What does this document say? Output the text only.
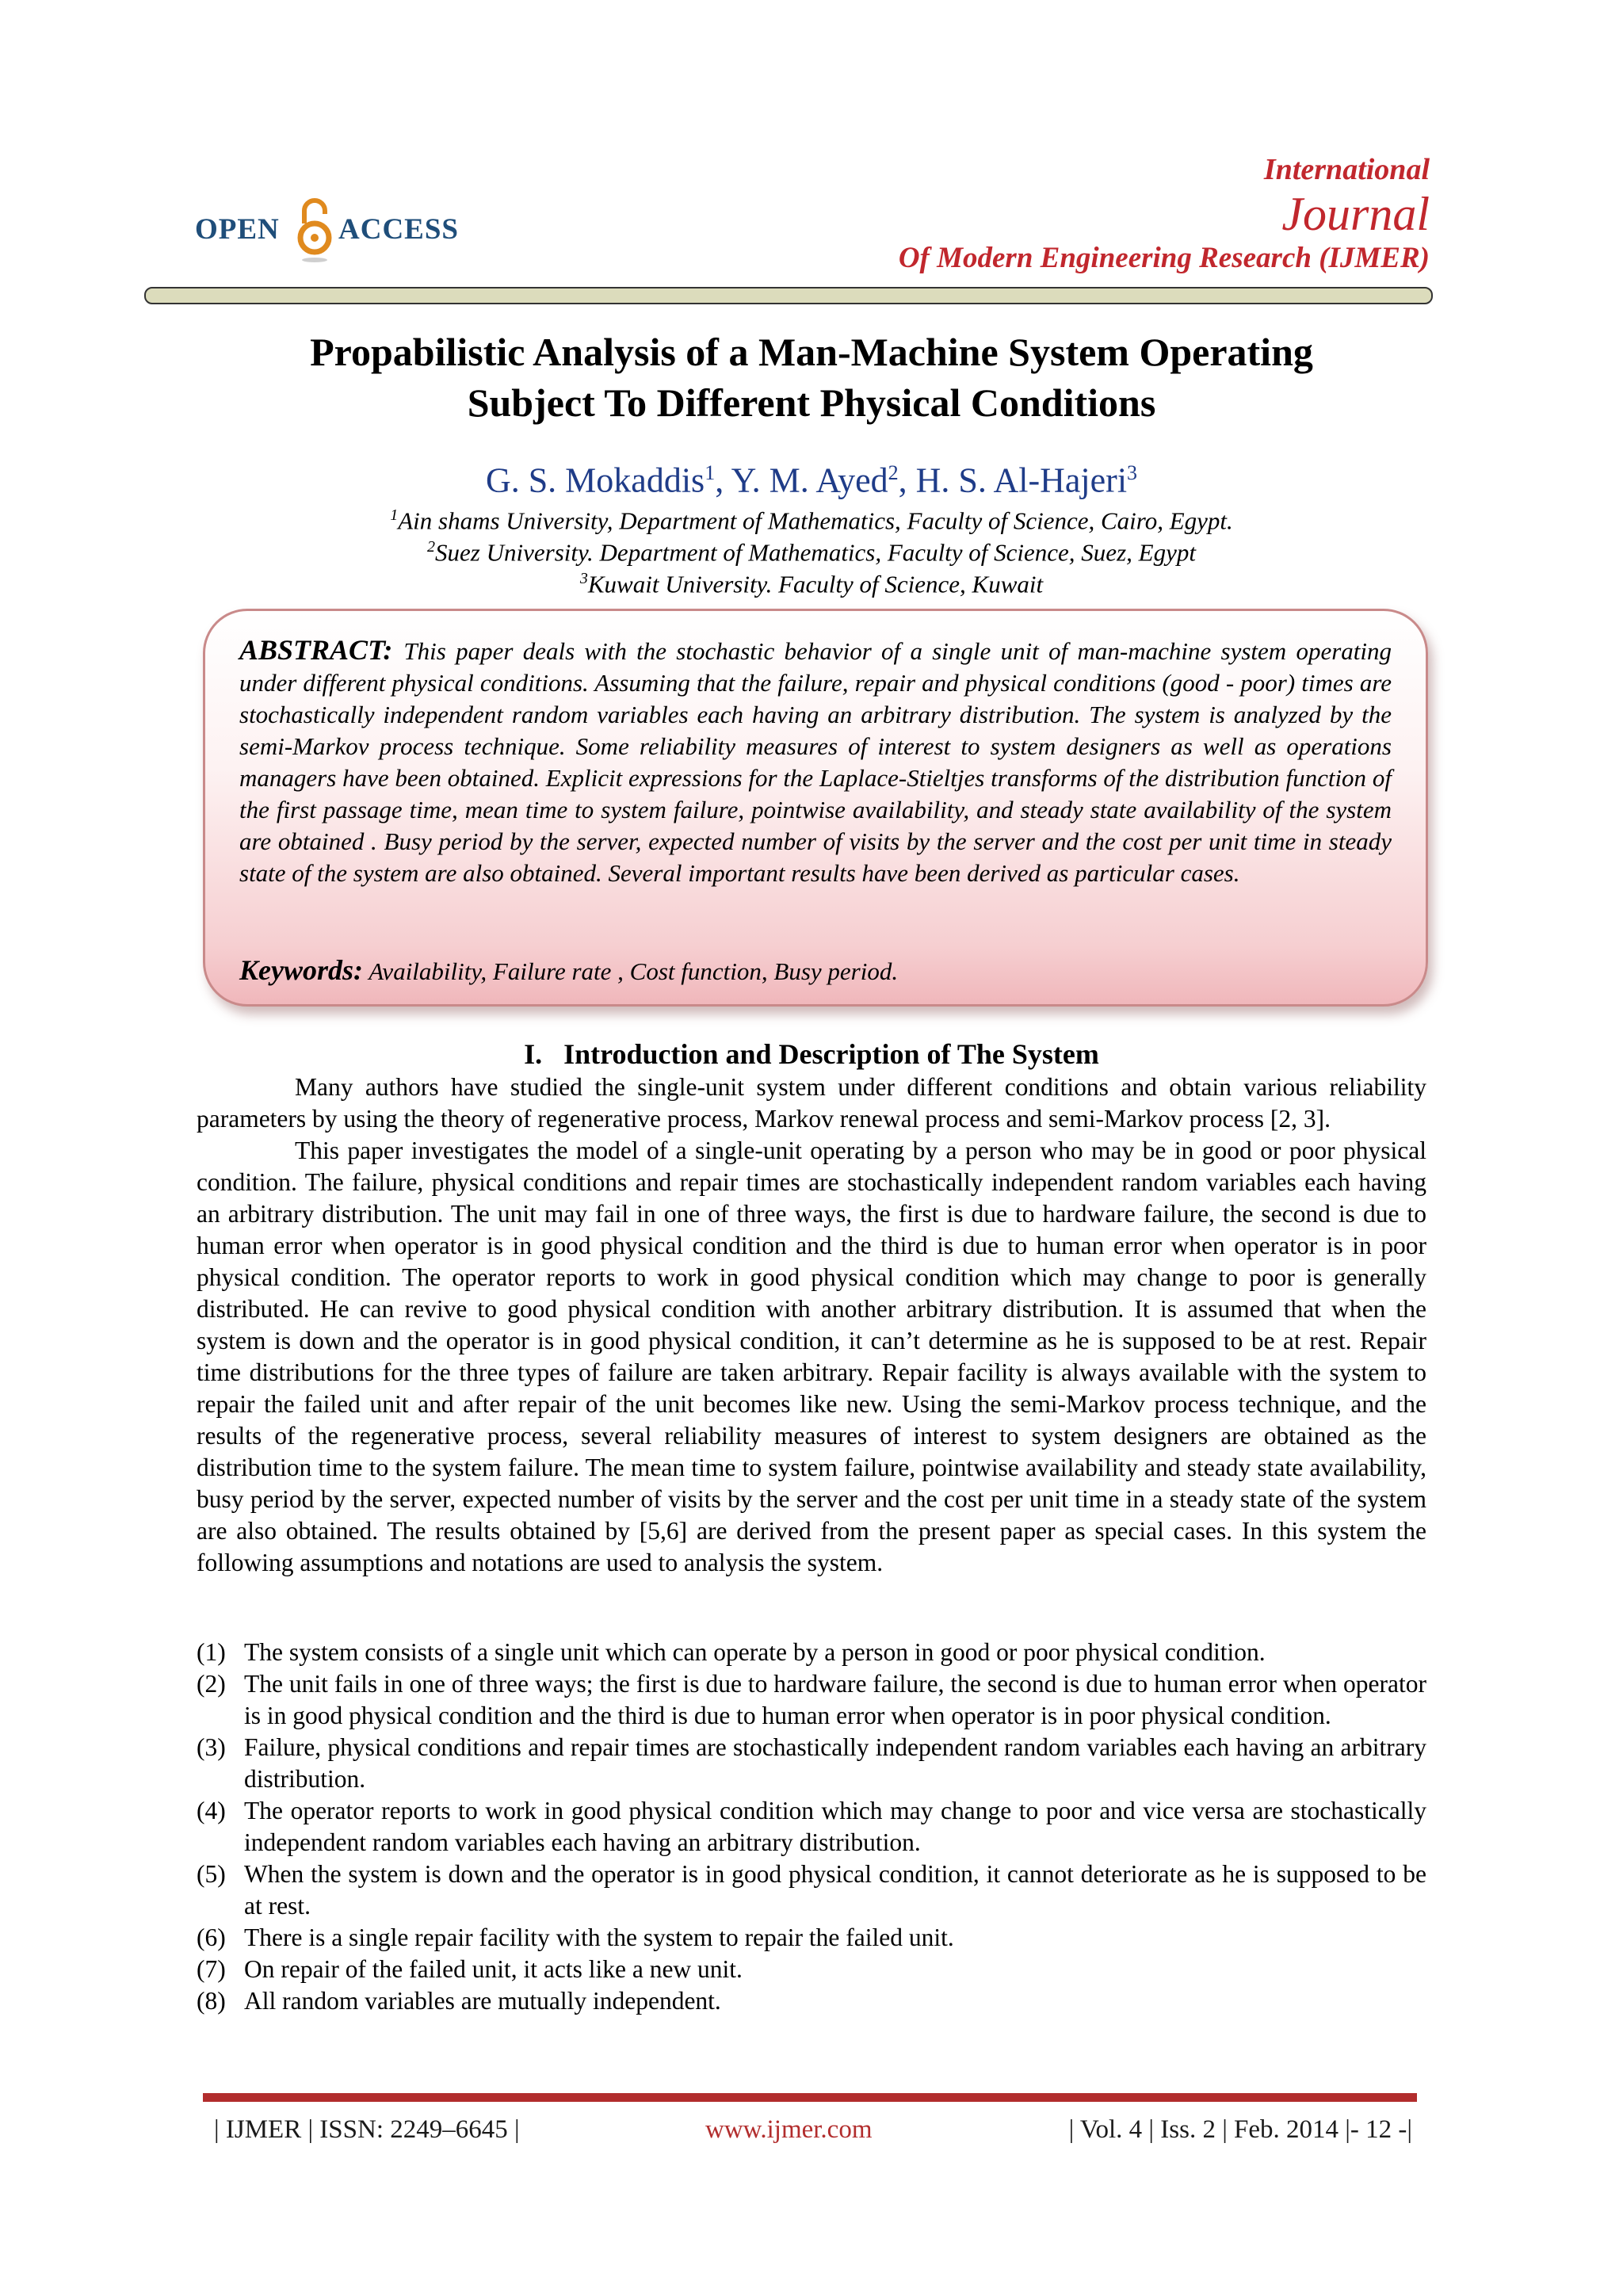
OPEN ACCESS
International
Journal
Of Modern Engineering Research (IJMER)
Propabilistic Analysis of a Man-Machine System Operating
Subject To Different Physical Conditions
G. S. Mokaddis$^1$, Y. M. Ayed$^2$, H. S. Al-Hajeri$^3$
$^1$Ain shams University, Department of Mathematics, Faculty of Science, Cairo, Egypt.
$^2$Suez University. Department of Mathematics, Faculty of Science, Suez, Egypt
$^3$Kuwait University. Faculty of Science, Kuwait
ABSTRACT: This paper deals with the stochastic behavior of a single unit of man-machine system operating under different physical conditions. Assuming that the failure, repair and physical conditions (good - poor) times are stochastically independent random variables each having an arbitrary distribution. The system is analyzed by the semi-Markov process technique. Some reliability measures of interest to system designers as well as operations managers have been obtained. Explicit expressions for the Laplace-Stieltjes transforms of the distribution function of the first passage time, mean time to system failure, pointwise availability, and steady state availability of the system are obtained . Busy period by the server, expected number of visits by the server and the cost per unit time in steady state of the system are also obtained. Several important results have been derived as particular cases.
Keywords: Availability, Failure rate , Cost function, Busy period.
I.   Introduction and Description of The System

Many authors have studied the single-unit system under different conditions and obtain various reliability parameters by using the theory of regenerative process, Markov renewal process and semi-Markov process [2, 3].

This paper investigates the model of a single-unit operating by a person who may be in good or poor physical condition. The failure, physical conditions and repair times are stochastically independent random variables each having an arbitrary distribution. The unit may fail in one of three ways, the first is due to hardware failure, the second is due to human error when operator is in good physical condition and the third is due to human error when operator is in poor physical condition. The operator reports to work in good physical condition which may change to poor is generally distributed. He can revive to good physical condition with another arbitrary distribution. It is assumed that when the system is down and the operator is in good physical condition, it can’t determine as he is supposed to be at rest. Repair time distributions for the three types of failure are taken arbitrary. Repair facility is always available with the system to repair the failed unit and after repair of the unit becomes like new. Using the semi-Markov process technique, and the results of the regenerative process, several reliability measures of interest to system designers are obtained as the distribution time to the system failure. The mean time to system failure, pointwise availability and steady state availability, busy period by the server, expected number of visits by the server and the cost per unit time in a steady state of the system are also obtained. The results obtained by [5,6] are derived from the present paper as special cases. In this system the following assumptions and notations are used to analysis the system.

(1) The system consists of a single unit which can operate by a person in good or poor physical condition.
(2) The unit fails in one of three ways; the first is due to hardware failure, the second is due to human error when operator is in good physical condition and the third is due to human error when operator is in poor physical condition.
(3) Failure, physical conditions and repair times are stochastically independent random variables each having an arbitrary distribution.
(4) The operator reports to work in good physical condition which may change to poor and vice versa are stochastically independent random variables each having an arbitrary distribution.
(5) When the system is down and the operator is in good physical condition, it cannot deteriorate as he is supposed to be at rest.
(6) There is a single repair facility with the system to repair the failed unit.
(7) On repair of the failed unit, it acts like a new unit.
(8) All random variables are mutually independent.
| IJMER | ISSN: 2249–6645 |	www.ijmer.com	| Vol. 4 | Iss. 2 | Feb. 2014 |- 12 -|
